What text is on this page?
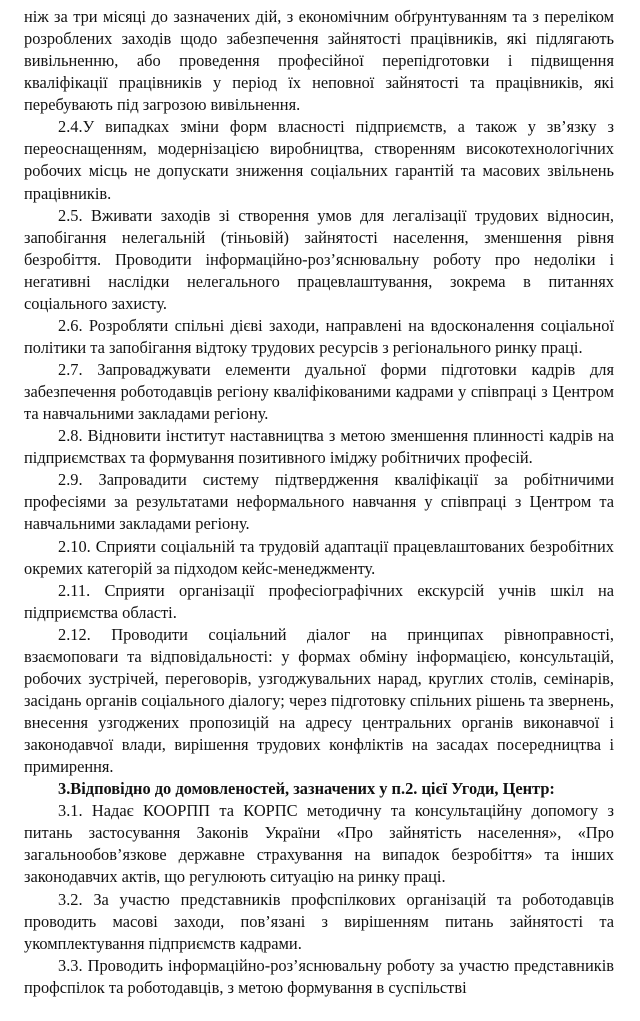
ніж за три місяці до зазначених дій, з економічним обґрунтуванням та з переліком розроблених заходів щодо забезпечення зайнятості працівників, які підлягають вивільненню, або проведення професійної перепідготовки і підвищення кваліфікації працівників у період їх неповної зайнятості та працівників, які перебувають під загрозою вивільнення.

2.4.У випадках зміни форм власності підприємств, а також у зв’язку з переоснащенням, модернізацією виробництва, створенням високотехнологічних робочих місць не допускати зниження соціальних гарантій та масових звільнень працівників.

2.5. Вживати заходів зі створення умов для легалізації трудових відносин, запобігання нелегальній (тіньовій) зайнятості населення, зменшення рівня безробіття. Проводити інформаційно-роз’яснювальну роботу про недоліки і негативні наслідки нелегального працевлаштування, зокрема в питаннях соціального захисту.

2.6. Розробляти спільні дієві заходи, направлені на вдосконалення соціальної політики та запобігання відтоку трудових ресурсів з регіонального ринку праці.

2.7. Запроваджувати елементи дуальної форми підготовки кадрів для забезпечення роботодавців регіону кваліфікованими кадрами у співпраці з Центром та навчальними закладами регіону.

2.8. Відновити інститут наставництва з метою зменшення плинності кадрів на підприємствах та формування позитивного іміджу робітничих професій.

2.9. Запровадити систему підтвердження кваліфікації за робітничими професіями за результатами неформального навчання у співпраці з Центром та навчальними закладами регіону.

2.10. Сприяти соціальній та трудовій адаптації працевлаштованих безробітних окремих категорій за підходом кейс-менеджменту.

2.11. Сприяти організації профеcіографічних екскурсій учнів шкіл на підприємства області.

2.12. Проводити соціальний діалог на принципах рівноправності, взаємоповаги та відповідальності: у формах обміну інформацією, консультацій, робочих зустрічей, переговорів, узгоджувальних нарад, круглих столів, семінарів, засідань органів соціального діалогу; через підготовку спільних рішень та звернень, внесення узгоджених пропозицій на адресу центральних органів виконавчої і законодавчої влади, вирішення трудових конфліктів на засадах посередництва і примирення.

3.Відповідно до домовленостей, зазначених у п.2. цієї Угоди, Центр:

3.1. Надає КООРПП та КОРПС методичну та консультаційну допомогу з питань застосування Законів України «Про зайнятість населення», «Про загальнообов’язкове державне страхування на випадок безробіття» та інших законодавчих актів, що регулюють ситуацію на ринку праці.

3.2. За участю представників профспілкових організацій та роботодавців проводить масові заходи, пов’язані з вирішенням питань зайнятості та укомплектування підприємств кадрами.

3.3. Проводить інформаційно-роз’яснювальну роботу за участю представників профспілок та роботодавців, з метою формування в суспільстві
